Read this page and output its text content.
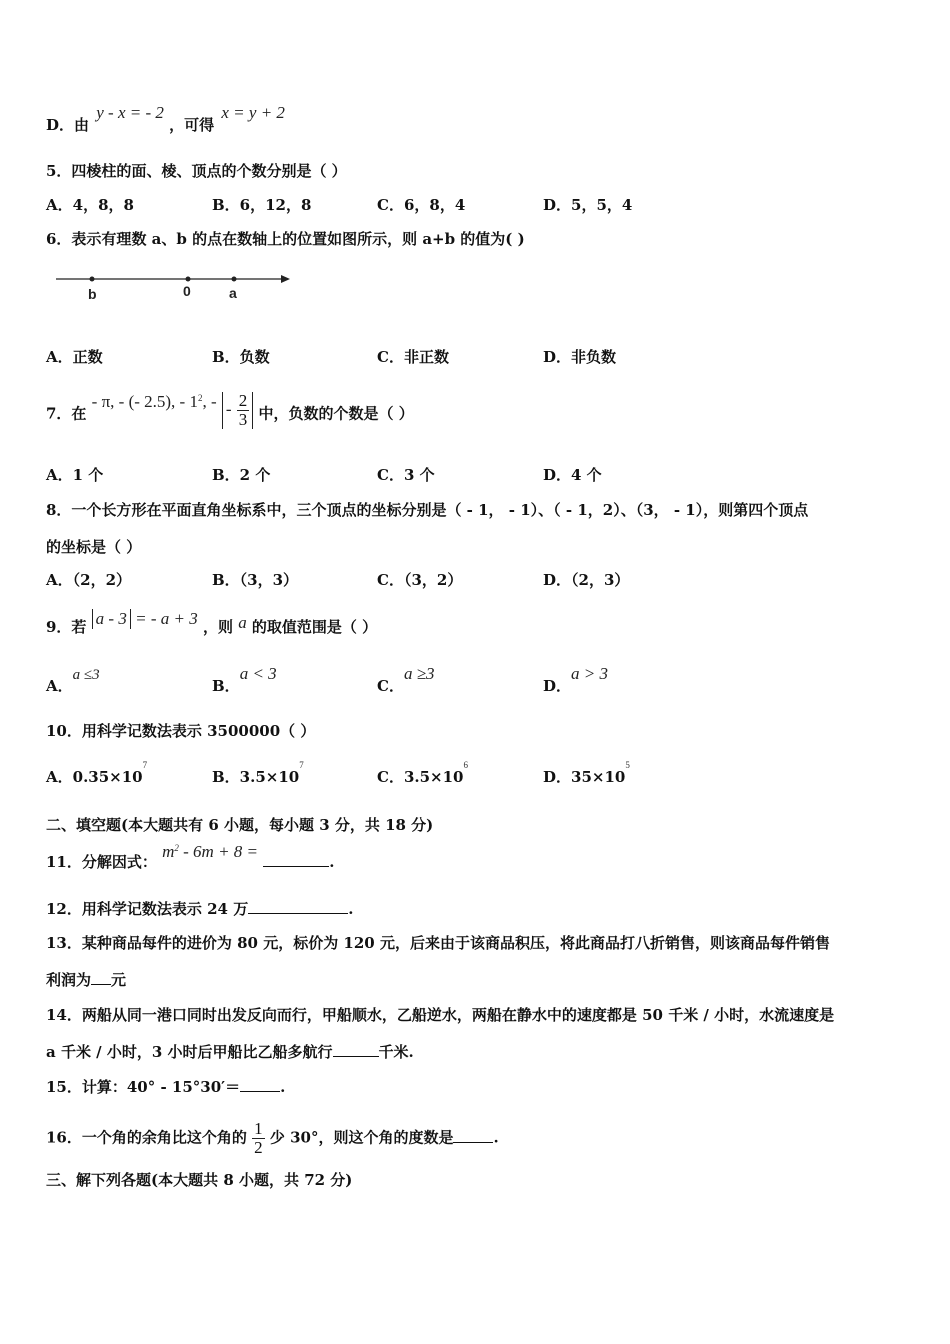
D．由 y - x = - 2 ，可得 x = y + 2
5．四棱柱的面、棱、顶点的个数分别是（ ）
A．4，8，8	B．6，12，8	C．6，8，4	D．5，5，4
6．表示有理数 a、b 的点在数轴上的位置如图所示，则 a+b 的值为( )
b	0	a
A．正数	B．负数	C．非正数	D．非负数
7．在 - π, - (- 2.5), - $1^2$, - - $\frac{2}{3}$ 中，负数的个数是（ ）
A．1 个	B．2 个	C．3 个	D．4 个
8．一个长方形在平面直角坐标系中，三个顶点的坐标分别是（ - 1， - 1）、（ - 1，2）、（3， - 1），则第四个顶点
的坐标是（ ）
A．（2，2）	B．（3，3）	C．（3，2）	D．（2，3）
9．若 a - 3 = - a + 3 ，则 a 的取值范围是（ ）
A．a ≤3
B．a < 3
C．a ≥3
D．a > 3
10．用科学记数法表示 3500000（ ）
A．$0.35\times 10^7$
B．$3.5\times 10^7$
C．$3.5\times 10^6$
D．$35\times 10^5$
二、填空题(本大题共有 6 小题，每小题 3 分，共 18 分)
11．分解因式： $m^2 - 6m + 8$ = .
12．用科学记数法表示 24 万	.
13．某种商品每件的进价为 80 元，标价为 120 元，后来由于该商品积压，将此商品打八折销售，则该商品每件销售
利润为 元
14．两船从同一港口同时出发反向而行，甲船顺水，乙船逆水，两船在静水中的速度都是 50 千米 / 小时，水流速度是
a 千米 / 小时，3 小时后甲船比乙船多航行	千米.
15．计算：40° - 15°30′＝	.
16．一个角的余角比这个角的 $\frac{1}{2}$ 少 30°，则这个角的度数是	.
三、解下列各题(本大题共 8 小题，共 72 分)
